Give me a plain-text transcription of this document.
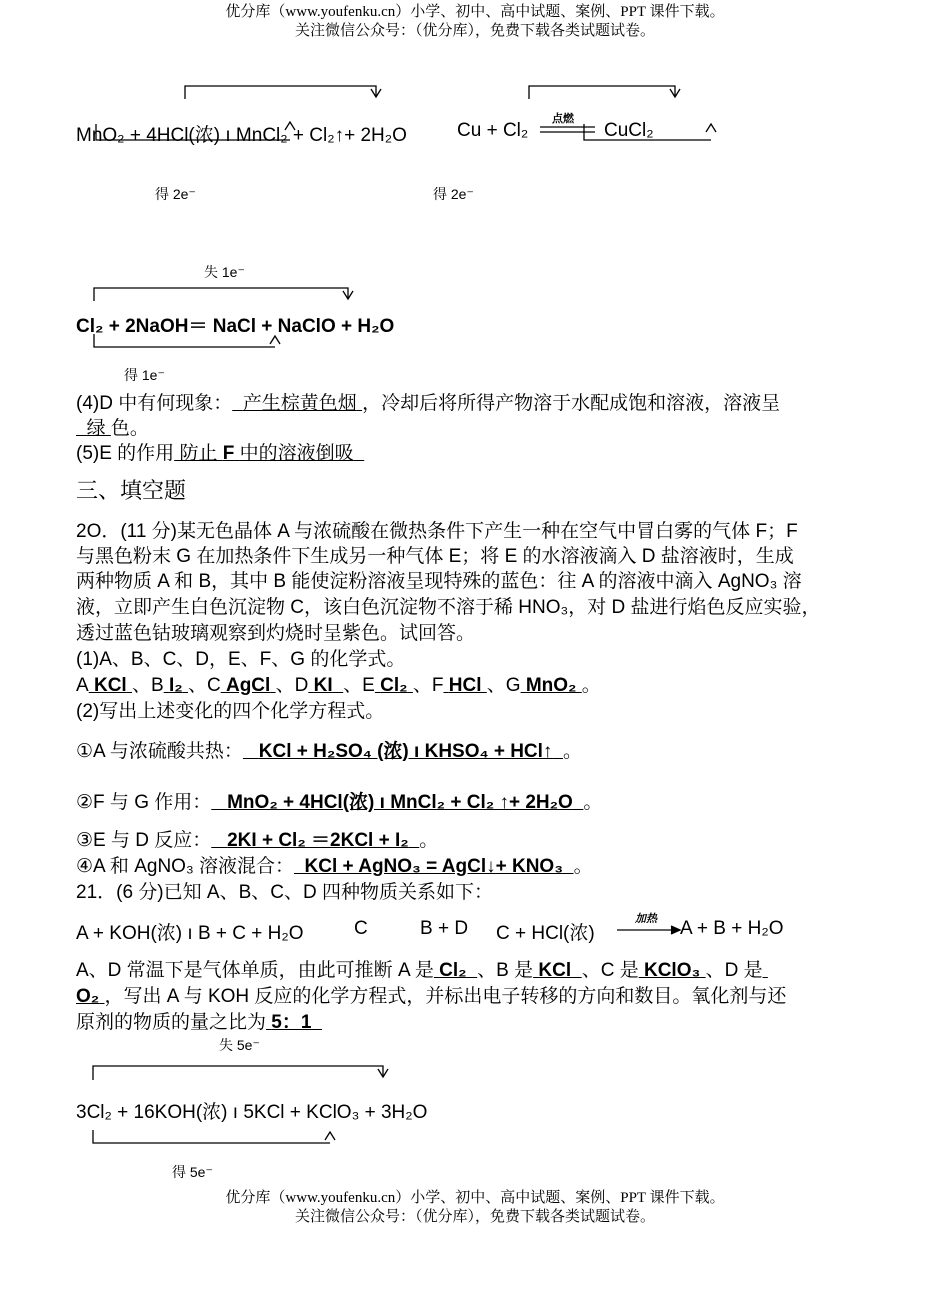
优分库（www.youfenku.cn）小学、初中、高中试题、案例、PPT 课件下载。
关注微信公众号：（优分库），免费下载各类试题试卷。
MnO₂ + 4HCl(浓) ı MnCl₂ + Cl₂↑+ 2H₂O
得 2e⁻
Cu + Cl₂
点燃
CuCl₂
得 2e⁻
失 1e⁻
Cl₂ + 2NaOH＝ NaCl + NaClO + H₂O
得 1e⁻
(4)D 中有何现象： 产生棕黄色烟 ，冷却后将所得产物溶于水配成饱和溶液，溶液呈
绿 色。
(5)E 的作用 防止 F 中的溶液倒吸
三、填空题
2O．(11 分)某无色晶体 A 与浓硫酸在微热条件下产生一种在空气中冒白雾的气体 F；F
与黑色粉末 G 在加热条件下生成另一种气体 E；将 E 的水溶液滴入 D 盐溶液时，生成
两种物质 A 和 B，其中 B 能使淀粉溶液呈现特殊的蓝色：往 A 的溶液中滴入 AgNO₃ 溶
液，立即产生白色沉淀物 C，该白色沉淀物不溶于稀 HNO₃，对 D 盐进行焰色反应实验，
透过蓝色钴玻璃观察到灼烧时呈紫色。试回答。
(1)A、B、C、D，E、F、G 的化学式。
A KCl 、B I₂ 、C AgCl 、D KI 、E Cl₂ 、F HCl 、G MnO₂ 。
(2)写出上述变化的四个化学方程式。
①A 与浓硫酸共热： KCl + H₂SO₄ (浓) ı KHSO₄ + HCl↑ 。
②F 与 G 作用： MnO₂ + 4HCl(浓) ı MnCl₂ + Cl₂ ↑+ 2H₂O 。
③E 与 D 反应： 2KI + Cl₂ ＝2KCl + I₂ 。
④A 和 AgNO₃ 溶液混合： KCl + AgNO₃ = AgCl↓+ KNO₃ 。
21．(6 分)已知 A、B、C、D 四种物质关系如下：
A + KOH(浓) ı B + C + H₂O	C	B + D C + HCl(浓)
加热 A + B + H₂O
A、D 常温下是气体单质，由此可推断 A 是 Cl₂ 、B 是 KCl 、C 是 KClO₃ 、D 是
O₂ ，写出 A 与 KOH 反应的化学方程式，并标出电子转移的方向和数目。氧化剂与还
原剂的物质的量之比为 5：1
失 5e⁻
3Cl₂ + 16KOH(浓) ı 5KCl + KClO₃ + 3H₂O
得 5e⁻
优分库（www.youfenku.cn）小学、初中、高中试题、案例、PPT 课件下载。
关注微信公众号：（优分库），免费下载各类试题试卷。
